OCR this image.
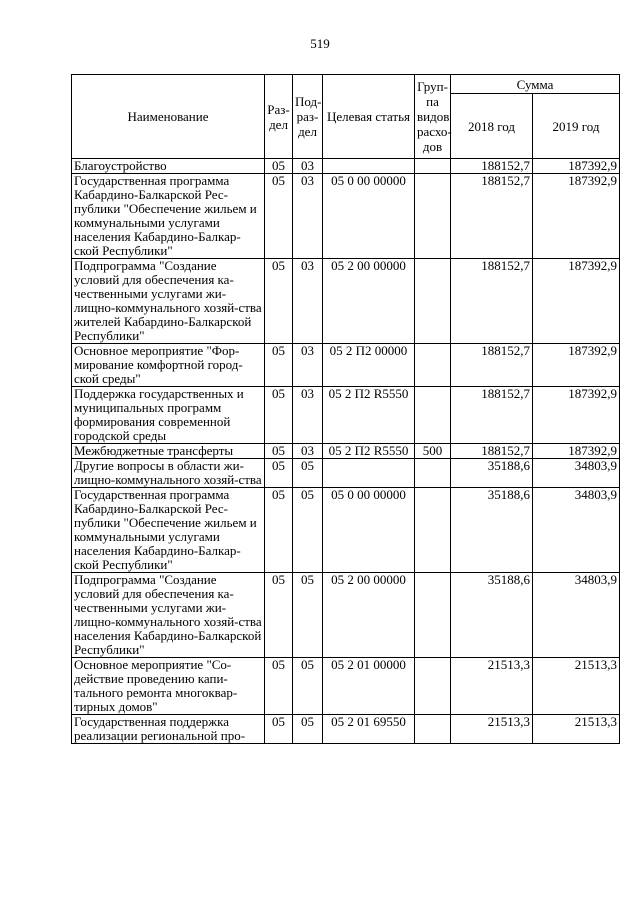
519
Наименование	Раз-дел	Под-раз-дел	Целевая статья	Груп-па видов расхо-дов	Сумма	
					2018 год	2019 год
Благоустройство	05	03			188152,7	187392,9
Государственная программа Кабардино-Балкарской Рес-публики "Обеспечение жильем и коммунальными услугами населения Кабардино-Балкар-ской Республики"	05	03	05 0 00 00000		188152,7	187392,9
Подпрограмма "Создание условий для обеспечения ка-чественными услугами жи-лищно-коммунального хозяй-ства жителей Кабардино-Балкарской Республики"	05	03	05 2 00 00000		188152,7	187392,9
Основное мероприятие "Фор-мирование комфортной город-ской среды"	05	03	05 2 П2 00000		188152,7	187392,9
Поддержка государственных и муниципальных программ формирования современной городской среды	05	03	05 2 П2 R5550		188152,7	187392,9
Межбюджетные трансферты	05	03	05 2 П2 R5550	500	188152,7	187392,9
Другие вопросы в области жи-лищно-коммунального хозяй-ства	05	05			35188,6	34803,9
Государственная программа Кабардино-Балкарской Рес-публики "Обеспечение жильем и коммунальными услугами населения Кабардино-Балкар-ской Республики"	05	05	05 0 00 00000		35188,6	34803,9
Подпрограмма "Создание условий для обеспечения ка-чественными услугами жи-лищно-коммунального хозяй-ства населения Кабардино-Балкарской Республики"	05	05	05 2 00 00000		35188,6	34803,9
Основное мероприятие "Со-действие проведению капи-тального ремонта многоквар-тирных домов"	05	05	05 2 01 00000		21513,3	21513,3
Государственная поддержка реализации региональной про-	05	05	05 2 01 69550		21513,3	21513,3
